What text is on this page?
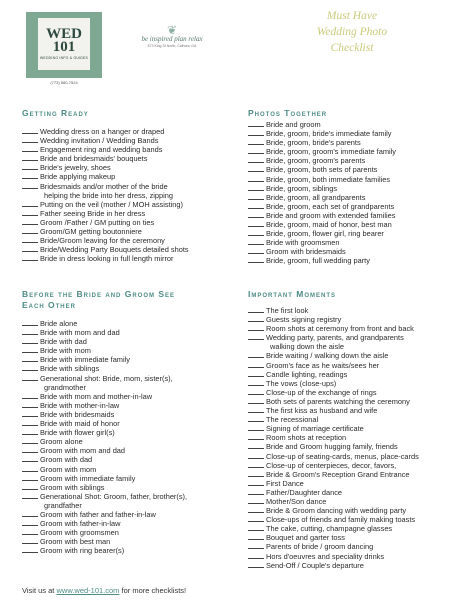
WED
101
WEDDING INFO & GUIDES
(773) 580-7524
❦
be inspired plan relax
673 King St North, Calhoun GA
Must Have
Wedding Photo
Checklist
Getting Ready
Wedding dress on a hanger or draped
Wedding invitation / Wedding Bands
Engagement ring and wedding bands
Bride and bridesmaids' bouquets
Bride's jewelry, shoes
Bride applying makeup
Bridesmaids and/or mother of the bride
helping the bride into her dress, zipping
Putting on the veil (mother / MOH assisting)
Father seeing Bride in her dress
Groom /Father / GM putting on ties
Groom/GM getting boutonniere
Bride/Groom leaving for the ceremony
Bride/Wedding Party Bouquets detailed shots
Bride in dress looking in full length mirror
Before the Bride and Groom See
Each Other
Bride alone
Bride with mom and dad
Bride with dad
Bride with mom
Bride with immediate family
Bride with siblings
Generational shot: Bride, mom, sister(s),
grandmother
Bride with mom and mother-in-law
Bride with mother-in-law
Bride with bridesmaids
Bride with maid of honor
Bride with flower girl(s)
Groom alone
Groom with mom and dad
Groom with dad
Groom with mom
Groom with immediate family
Groom with siblings
Generational Shot: Groom, father, brother(s),
grandfather
Groom with father and father-in-law
Groom with father-in-law
Groom with groomsmen
Groom with best man
Groom with ring bearer(s)
Photos Together
Bride and groom
Bride, groom, bride's immediate family
Bride, groom, bride's parents
Bride, groom, groom's immediate family
Bride, groom, groom's parents
Bride, groom, both sets of parents
Bride, groom, both immediate families
Bride, groom, siblings
Bride, groom, all grandparents
Bride, groom, each set of grandparents
Bride and groom with extended families
Bride, groom, maid of honor, best man
Bride, groom, flower girl, ring bearer
Bride with groomsmen
Groom with bridesmaids
Bride, groom, full wedding party
Important Moments
The first look
Guests signing registry
Room shots at ceremony from front and back
Wedding party, parents, and grandparents
walking down the aisle
Bride waiting / walking down the aisle
Groom's face as he waits/sees her
Candle lighting, readings
The vows (close-ups)
Close-up of the exchange of rings
Both sets of parents watching the ceremony
The first kiss as husband and wife
The recessional
Signing of marriage certificate
Room shots at reception
Bride and Groom hugging family, friends
Close-up of seating-cards, menus, place-cards
Close-up of centerpieces, decor, favors,
Bride & Groom's Reception Grand Entrance
First Dance
Father/Daughter dance
Mother/Son dance
Bride & Groom dancing with wedding party
Close-ups of friends and family making toasts
The cake, cutting, champagne glasses
Bouquet and garter toss
Parents of bride / groom dancing
Hors d'oeuvres and speciality drinks
Send-Off / Couple's departure
Visit us at www.wed-101.com for more checklists!
